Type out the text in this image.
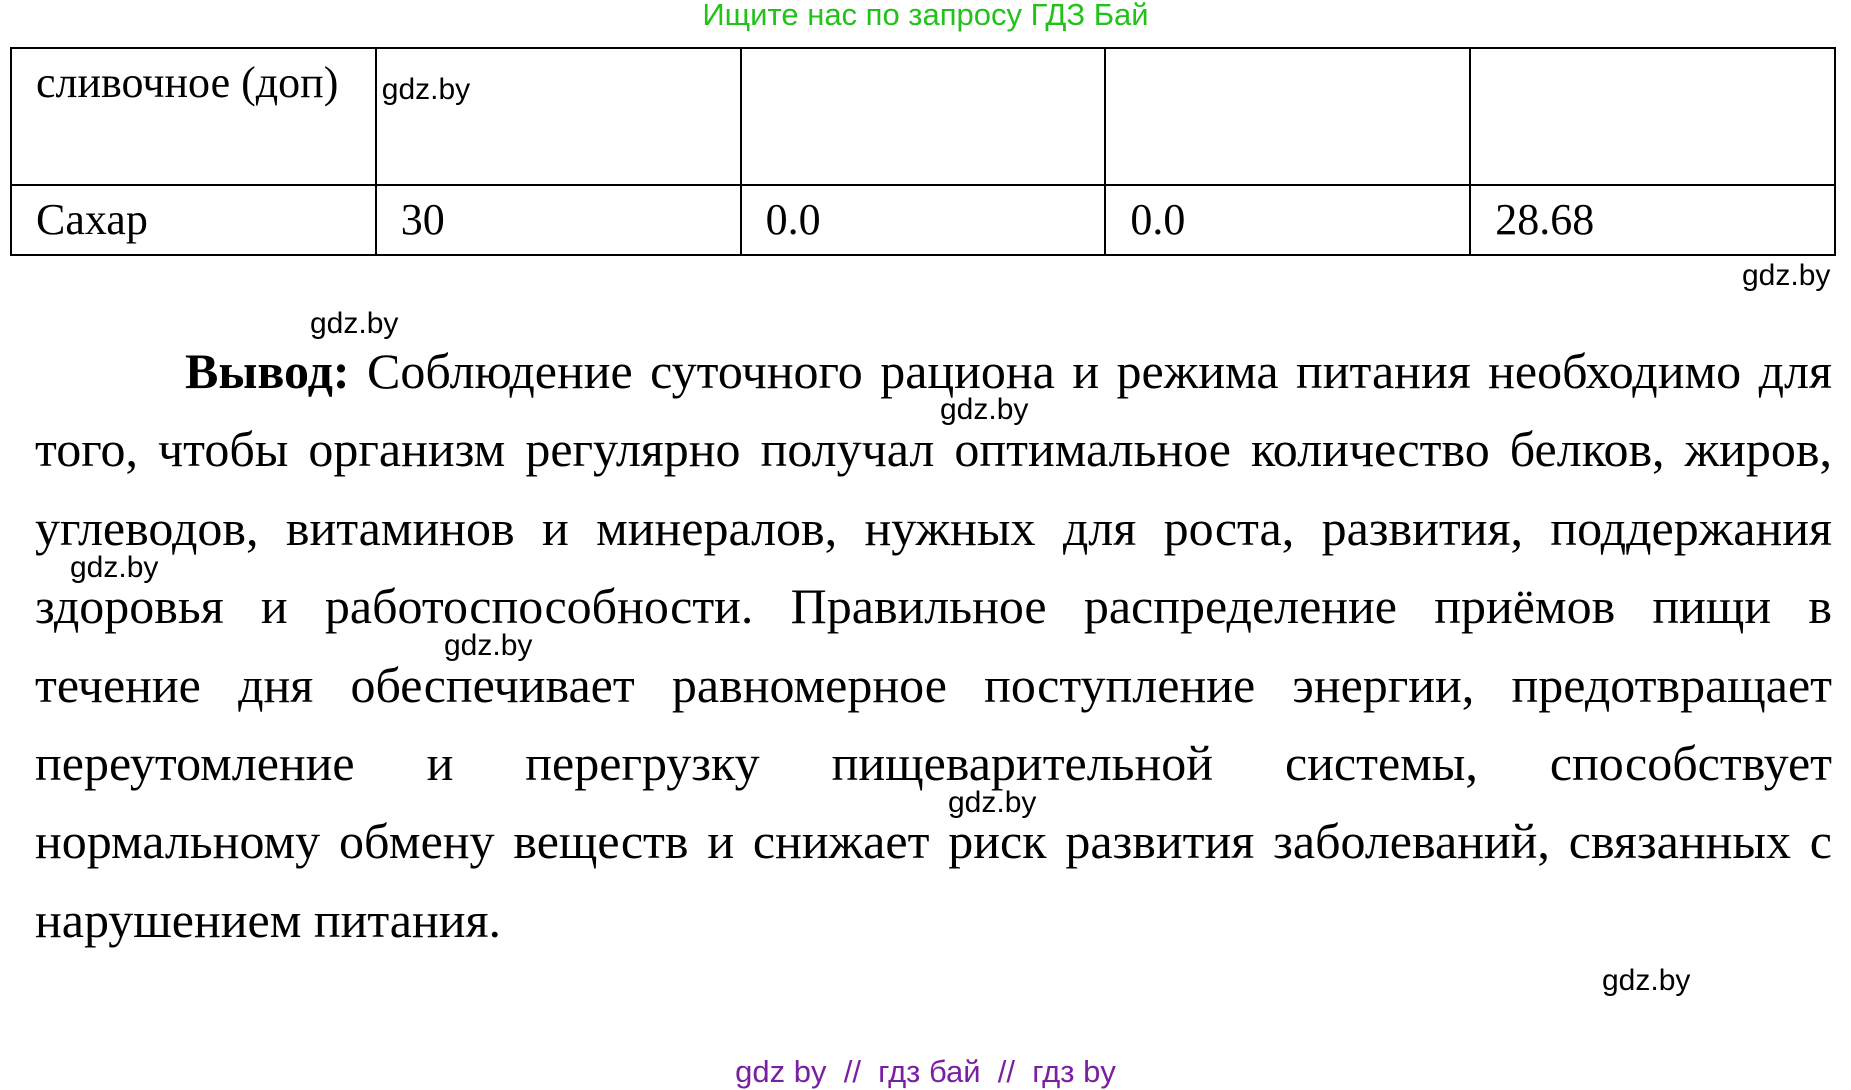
Ищите нас по запросу ГДЗ Бай
сливочное (доп)	gdz.by			

Сахар	30	0.0	0.0	28.68
gdz.by
gdz.by

Вывод: Соблюдение суточного рациона и режима питания необходимо для того, чтобы организм регулярно получал оптимальное количество белков, жиров, углеводов, витаминов и минералов, нужных для роста, развития, поддержания здоровья и работоспособности. Правильное распределение приёмов пищи в течение дня обеспечивает равномерное поступление энергии, предотвращает переутомление и перегрузку пищеварительной системы, способствует нормальному обмену веществ и снижает риск развития заболеваний, связанных с нарушением питания.

gdz.by
gdz.by
gdz.by
gdz.by
gdz.by
gdz by  //  гдз бай  //  гдз by
